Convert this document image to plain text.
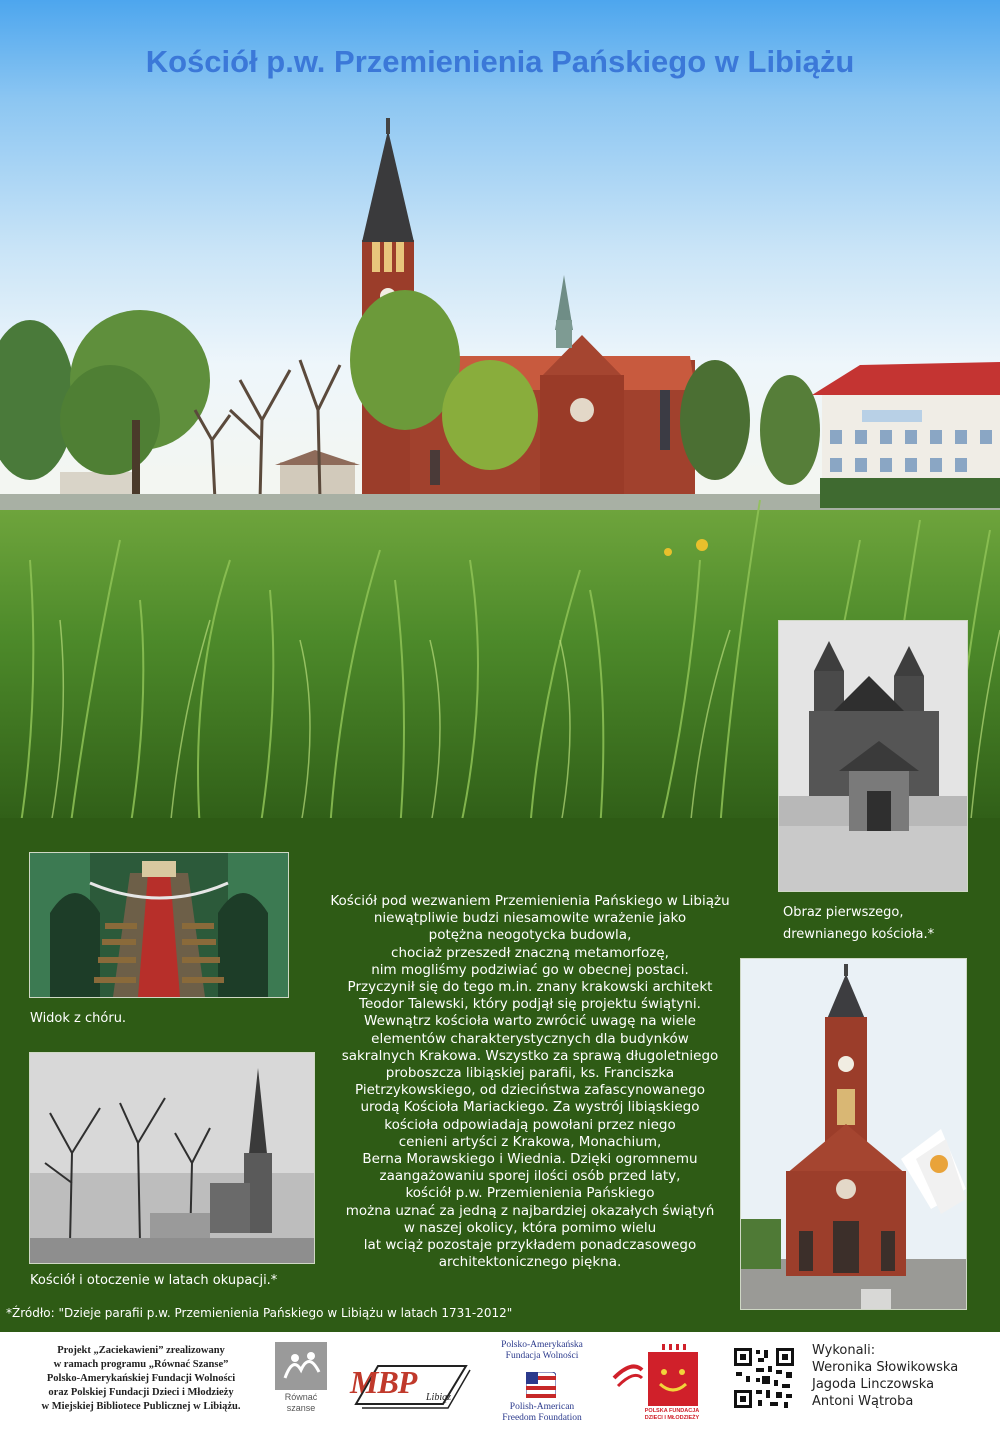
Kościół p.w. Przemienienia Pańskiego w Libiążu
Widok z chóru.
Kościół i otoczenie w latach okupacji.*
Kościół pod wezwaniem Przemienienia Pańskiego w Libiążu
niewątpliwie budzi niesamowite wrażenie jako
potężna neogotycka budowla,
chociaż przeszedł znaczną metamorfozę,
nim mogliśmy podziwiać go w obecnej postaci.
Przyczynił się do tego m.in. znany krakowski architekt
Teodor Talewski, który podjął się projektu świątyni.
Wewnątrz kościoła warto zwrócić uwagę na wiele
elementów charakterystycznych dla budynków
sakralnych Krakowa. Wszystko za sprawą długoletniego
proboszcza libiąskiej parafii, ks. Franciszka
Pietrzykowskiego, od dzieciństwa zafascynowanego
urodą Kościoła Mariackiego. Za wystrój libiąskiego
kościoła odpowiadają powołani przez niego
cenieni artyści z Krakowa, Monachium,
Berna Morawskiego i Wiednia. Dzięki ogromnemu
zaangażowaniu sporej ilości osób przed laty,
kościół p.w. Przemienienia Pańskiego
można uznać za jedną z najbardziej okazałych świątyń
w naszej okolicy, która pomimo wielu
lat wciąż pozostaje przykładem ponadczasowego
architektonicznego piękna.
Obraz pierwszego,
drewnianego kościoła.*
*Źródło: "Dzieje parafii p.w. Przemienienia Pańskiego w Libiążu w latach 1731-2012"
Projekt „Zaciekawieni” zrealizowany
w ramach programu „Równać Szanse”
Polsko-Amerykańskiej Fundacji Wolności
oraz Polskiej Fundacji Dzieci i Młodzieży
w Miejskiej Bibliotece Publicznej w Libiążu.
Równać
szanse
MBP Libiąż
Polsko-Amerykańska
Fundacja Wolności
Polish-American
Freedom Foundation
POLSKA FUNDACJA
DZIECI I MŁODZIEŻY
Wykonali:
Weronika Słowikowska
Jagoda Linczowska
Antoni Wątroba
